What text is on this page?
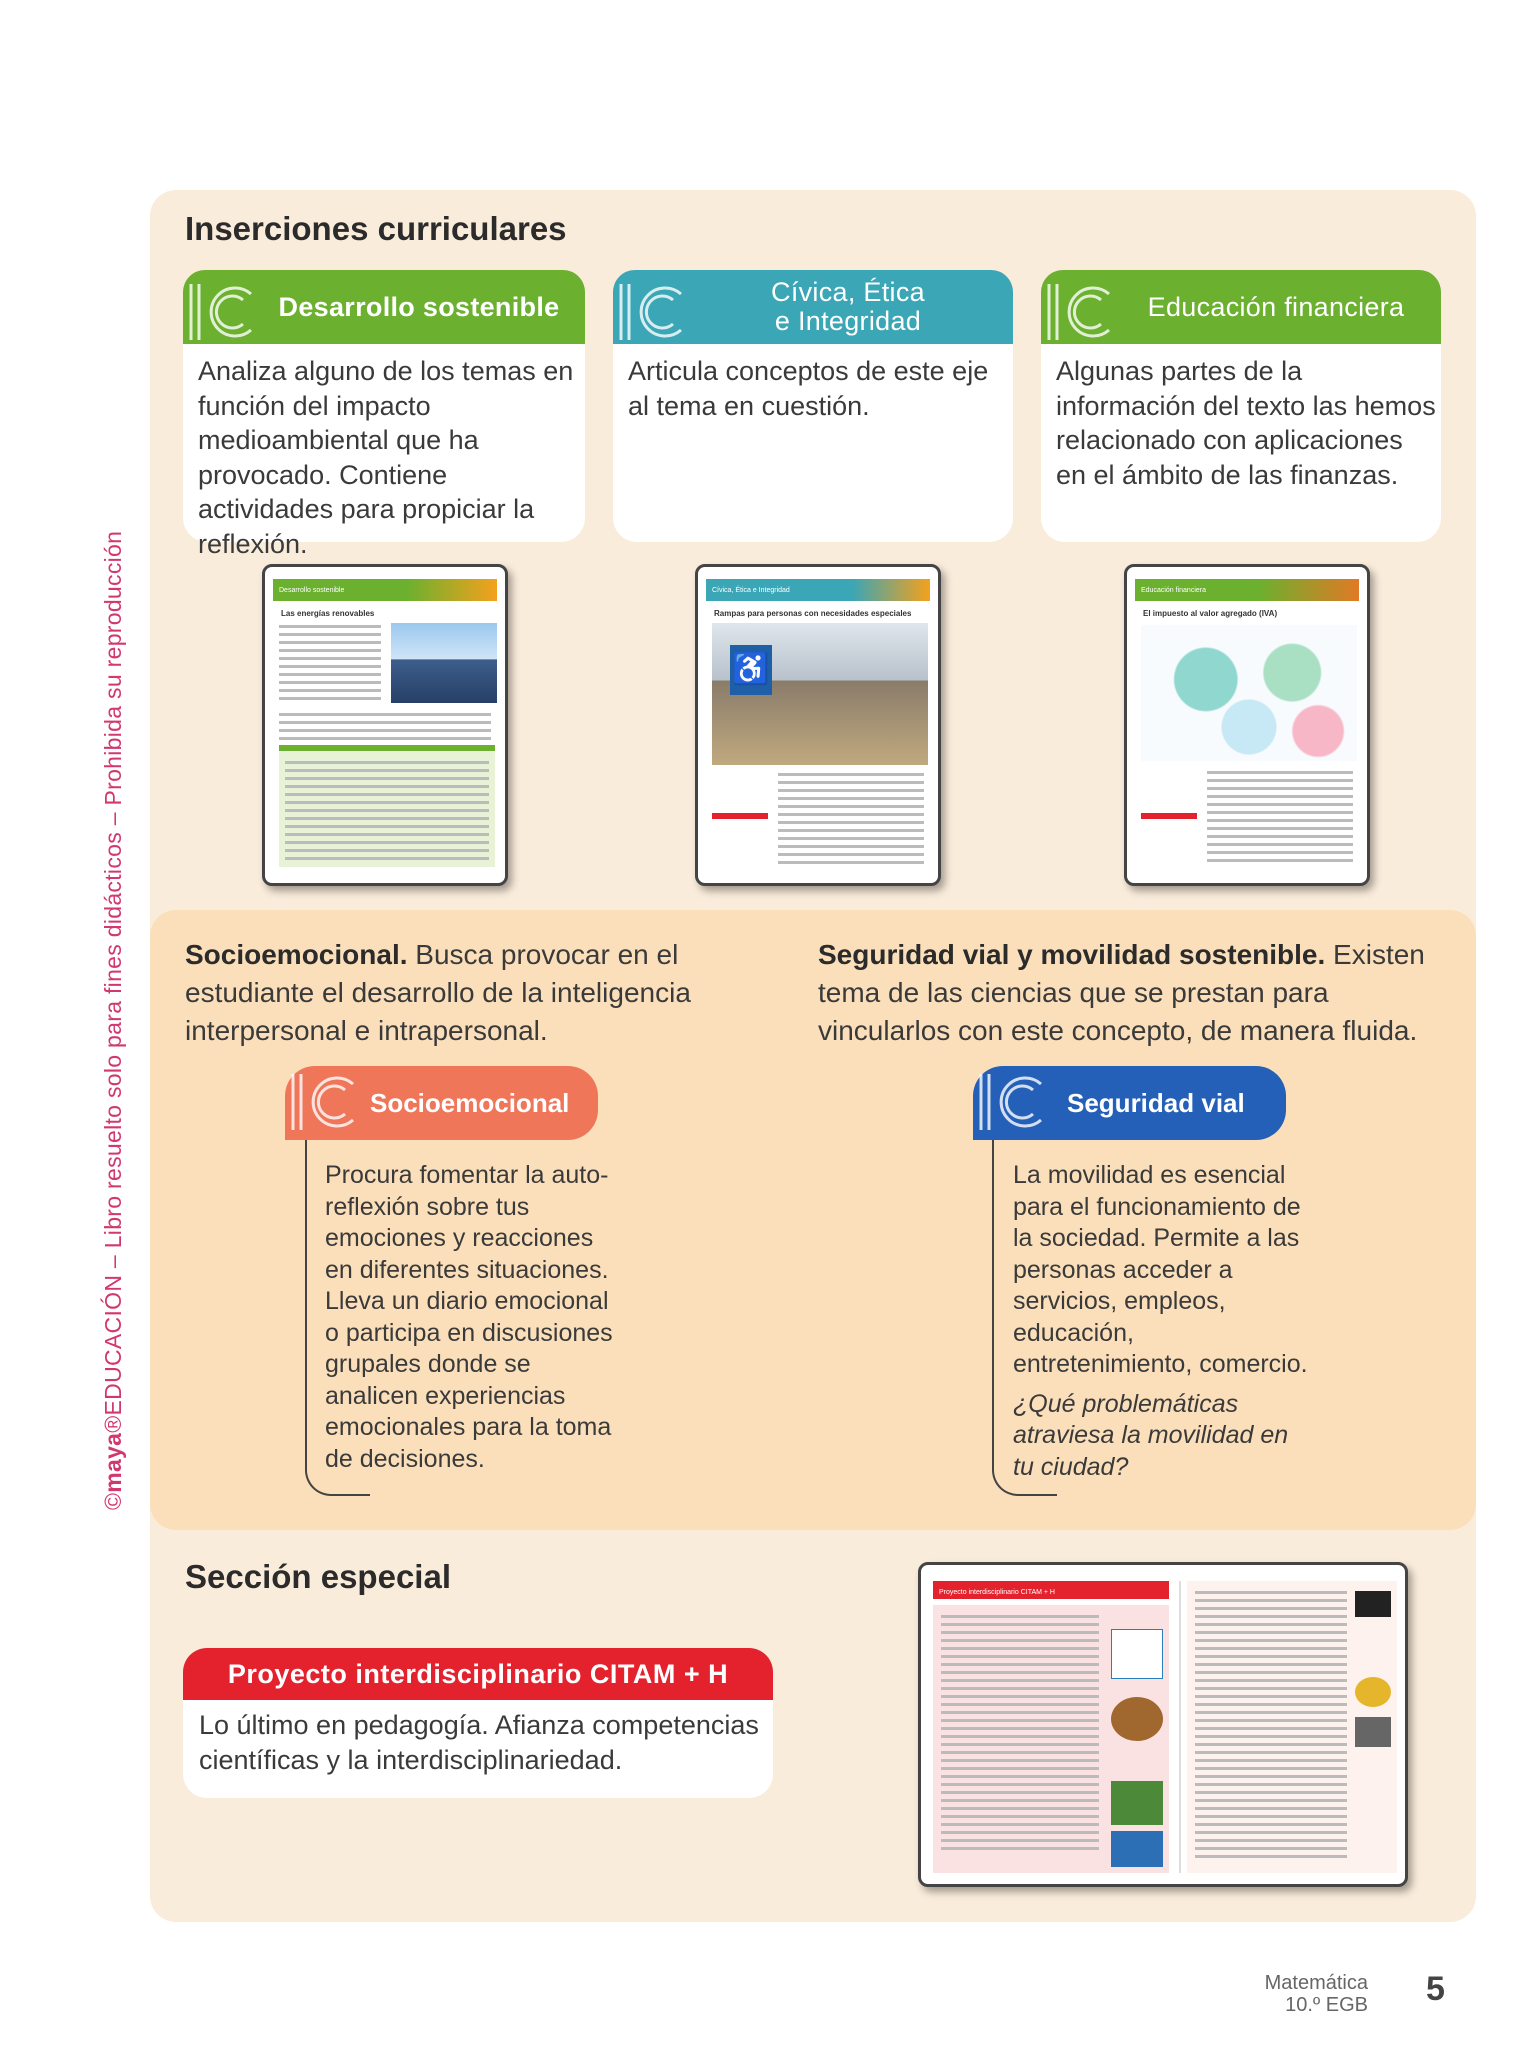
©maya®EDUCACIÓN – Libro resuelto solo para fines didácticos – Prohibida su reproducción
Inserciones curriculares
Desarrollo sostenible
Analiza alguno de los temas en función del impacto medioambiental que ha provocado. Contiene actividades para propiciar la reflexión.
Cívica, Ética
e Integridad
Articula conceptos de este eje al tema en cuestión.
Educación financiera
Algunas partes de la información del texto las hemos relacionado con aplicaciones en el ámbito de las finanzas.
Desarrollo sostenible
Las energías renovables
Cívica, Ética e Integridad
Rampas para personas con necesidades especiales
♿
Educación financiera
El impuesto al valor agregado (IVA)
Socioemocional. Busca provocar en el estudiante el desarrollo de la inteligencia interpersonal e intrapersonal.
Socioemocional
Procura fomentar la auto-reflexión sobre tus emociones y reacciones en diferentes situaciones. Lleva un diario emocional o participa en discusiones grupales donde se analicen experiencias emocionales para la toma de decisiones.
Seguridad vial y movilidad sostenible. Existen tema de las ciencias que se prestan para vincularlos con este concepto, de manera fluida.
Seguridad vial
La movilidad es esencial para el funcionamiento de la sociedad. Permite a las personas acceder a servicios, empleos, educación, entretenimiento, comercio.

¿Qué problemáticas atraviesa la movilidad en tu ciudad?
Sección especial
Proyecto interdisciplinario CITAM + H
Lo último en pedagogía. Afianza competencias científicas y la interdisciplinariedad.
Proyecto interdisciplinario CITAM + H
Matemática
10.º EGB 5
